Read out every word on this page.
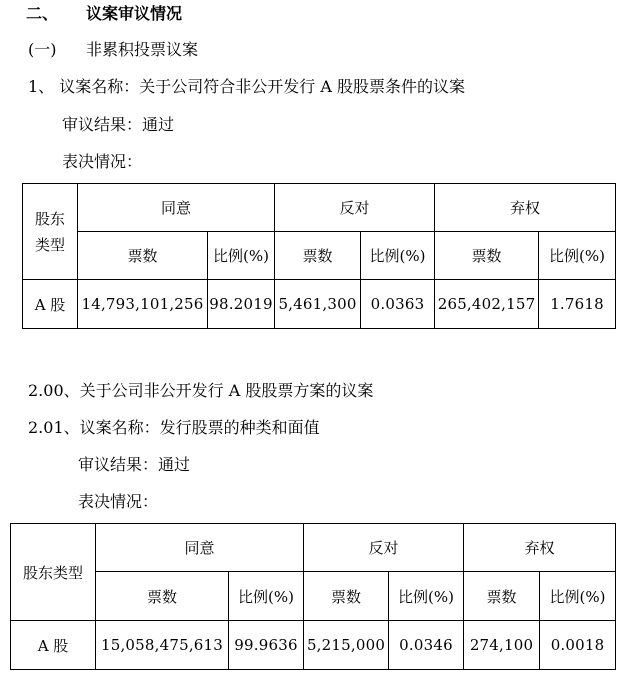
二、 议案审议情况
(一) 非累积投票议案
1、 议案名称：关于公司符合非公开发行 A 股股票条件的议案
审议结果：通过
表决情况：
股东
类型	同意		反对		弃权	
	票数	比例(%)	票数	比例(%)	票数	比例(%)
A 股	14,793,101,256	98.2019	5,461,300	0.0363	265,402,157	1.7618
2.00、关于公司非公开发行 A 股股票方案的议案
2.01、议案名称：发行股票的种类和面值
审议结果：通过
表决情况：
股东类型	同意		反对		弃权	
	票数	比例(%)	票数	比例(%)	票数	比例(%)
A 股	15,058,475,613	99.9636	5,215,000	0.0346	274,100	0.0018
